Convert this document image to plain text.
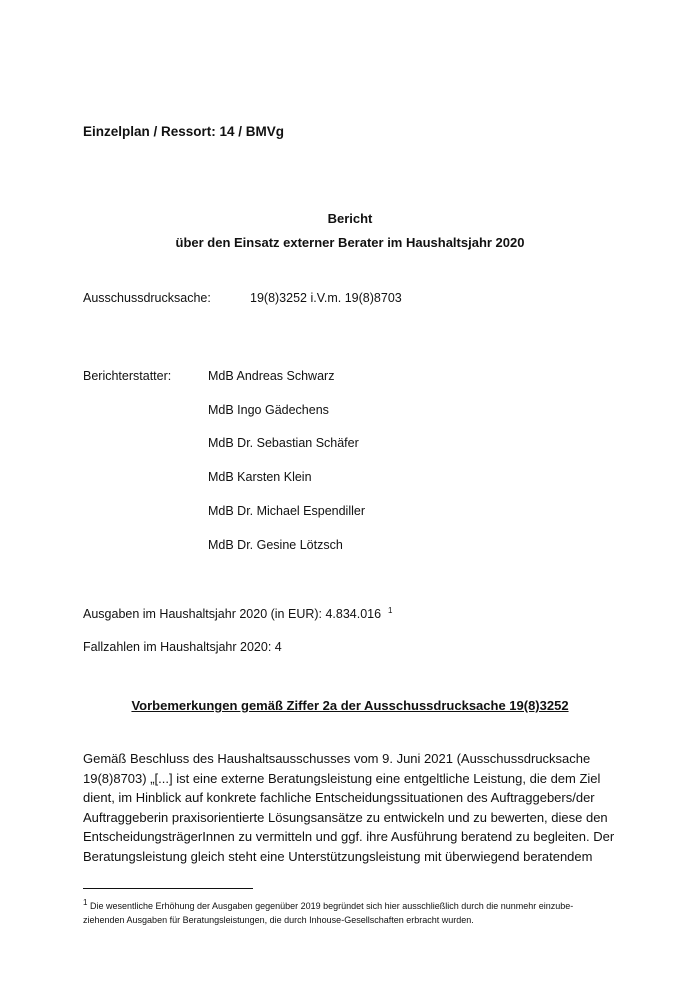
Einzelplan / Ressort: 14 / BMVg
Bericht
über den Einsatz externer Berater im Haushaltsjahr 2020
Ausschussdrucksache:	19(8)3252 i.V.m. 19(8)8703
Berichterstatter:	MdB Andreas Schwarz
MdB Ingo Gädechens
MdB Dr. Sebastian Schäfer
MdB Karsten Klein
MdB Dr. Michael Espendiller
MdB Dr. Gesine Lötzsch
Ausgaben im Haushaltsjahr 2020 (in EUR): 4.834.016 $^1$
Fallzahlen im Haushaltsjahr 2020: 4
Vorbemerkungen gemäß Ziffer 2a der Ausschussdrucksache 19(8)3252
Gemäß Beschluss des Haushaltsausschusses vom 9. Juni 2021 (Ausschussdrucksache
19(8)8703) „[...] ist eine externe Beratungsleistung eine entgeltliche Leistung, die dem Ziel
dient, im Hinblick auf konkrete fachliche Entscheidungssituationen des Auftraggebers/der
Auftraggeberin praxisorientierte Lösungsansätze zu entwickeln und zu bewerten, diese den
EntscheidungsträgerInnen zu vermitteln und ggf. ihre Ausführung beratend zu begleiten. Der
Beratungsleistung gleich steht eine Unterstützungsleistung mit überwiegend beratendem
$^1$ Die wesentliche Erhöhung der Ausgaben gegenüber 2019 begründet sich hier ausschließlich durch die nunmehr einzube-
ziehenden Ausgaben für Beratungsleistungen, die durch Inhouse-Gesellschaften erbracht wurden.
